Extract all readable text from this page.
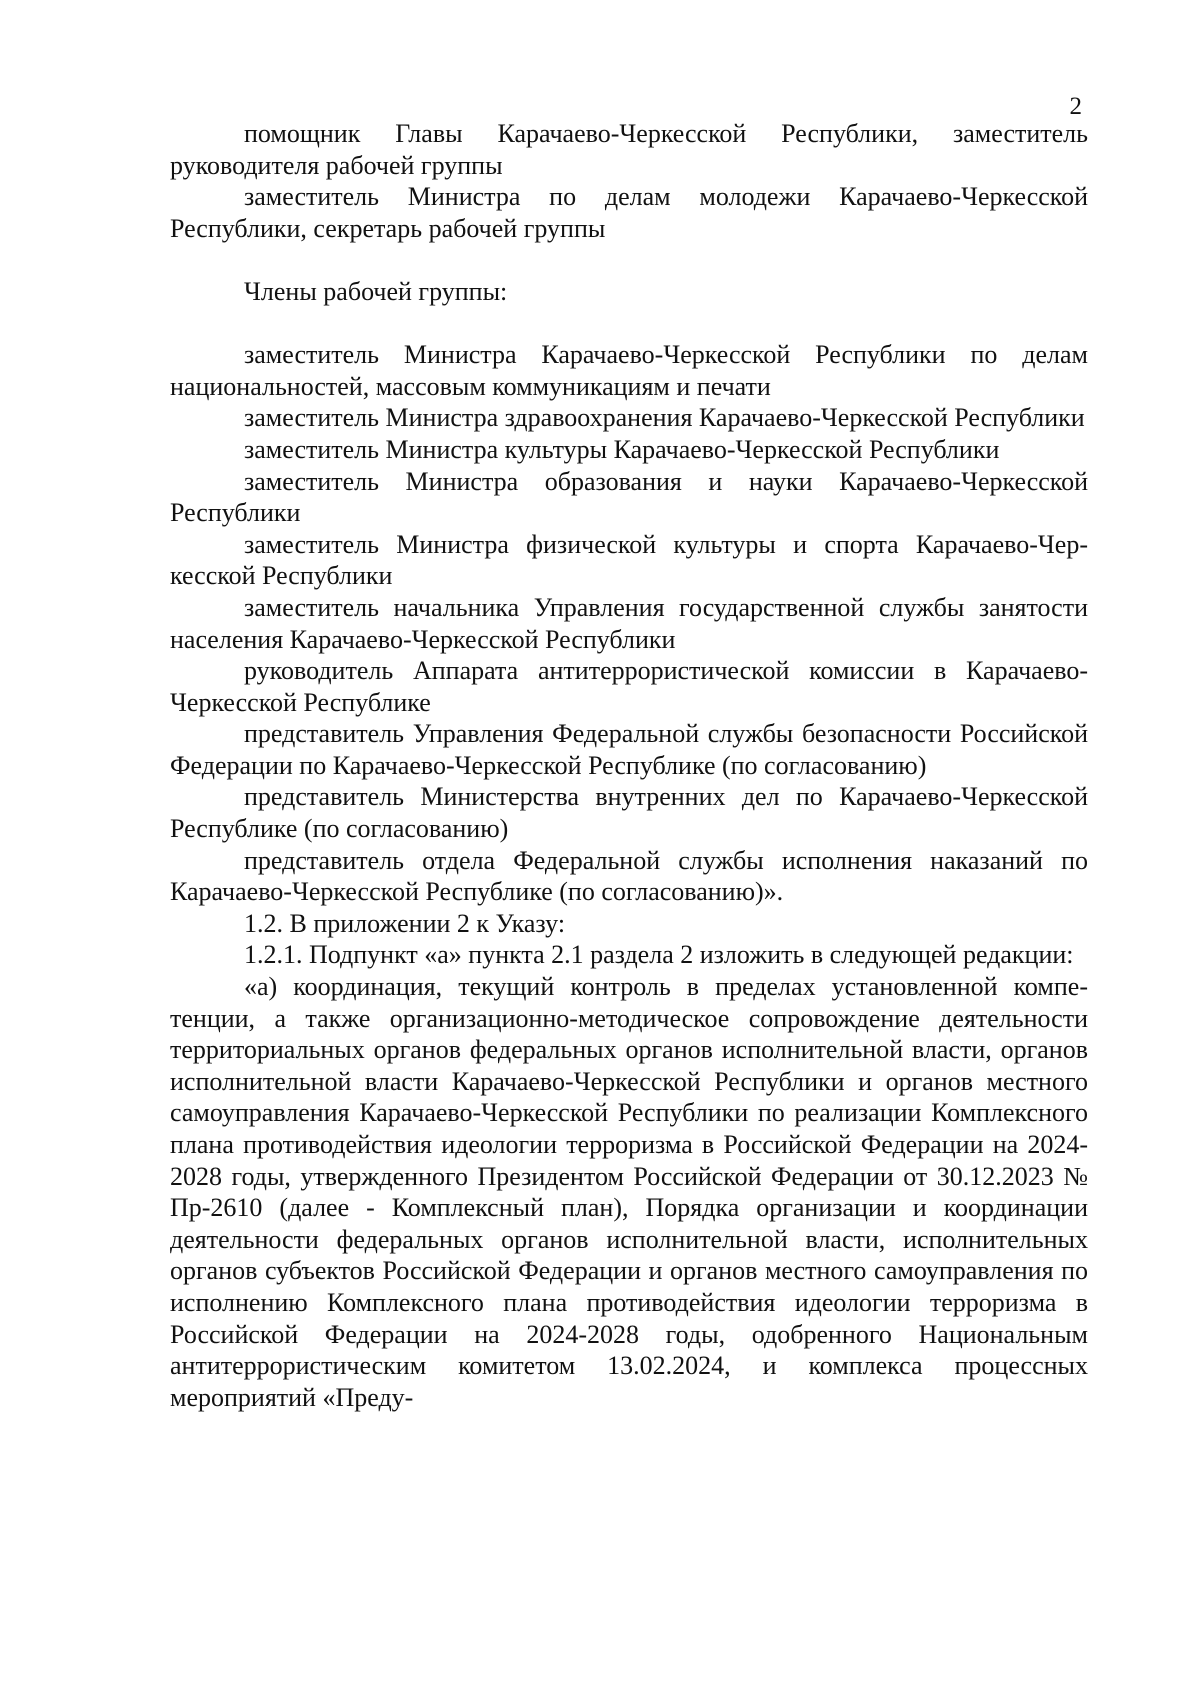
2

помощник Главы Карачаево-Черкесской Республики, заместитель руководителя рабочей группы

заместитель Министра по делам молодежи Карачаево-Черкесской Республики, секретарь рабочей группы

Члены рабочей группы:

заместитель Министра Карачаево-Черкесской Республики по делам национальностей, массовым коммуникациям и печати

заместитель Министра здравоохранения Карачаево-Черкесской Республики

заместитель Министра культуры Карачаево-Черкесской Республики

заместитель Министра образования и науки Карачаево-Черкесской Республики

заместитель Министра физической культуры и спорта Карачаево-Черкесской Республики

заместитель начальника Управления государственной службы занятости населения Карачаево-Черкесской Республики

руководитель Аппарата антитеррористической комиссии в Карачаево-Черкесской Республике

представитель Управления Федеральной службы безопасности Российской Федерации по Карачаево-Черкесской Республике (по согласованию)

представитель Министерства внутренних дел по Карачаево-Черкесской Республике (по согласованию)

представитель отдела Федеральной службы исполнения наказаний по Карачаево-Черкесской Республике (по согласованию)».

1.2. В приложении 2 к Указу:

1.2.1. Подпункт «а» пункта 2.1 раздела 2 изложить в следующей редакции:

«а) координация, текущий контроль в пределах установленной компетенции, а также организационно-методическое сопровождение деятельности территориальных органов федеральных органов исполнительной власти, органов исполнительной власти Карачаево-Черкесской Республики и органов местного самоуправления Карачаево-Черкесской Республики по реализации Комплексного плана противодействия идеологии терроризма в Российской Федерации на 2024-2028 годы, утвержденного Президентом Российской Федерации от 30.12.2023 № Пр-2610 (далее - Комплексный план), Порядка организации и координации деятельности федеральных органов исполнительной власти, исполнительных органов субъектов Российской Федерации и органов местного самоуправления по исполнению Комплексного плана противодействия идеологии терроризма в Российской Федерации на 2024-2028 годы, одобренного Национальным антитеррористическим комитетом 13.02.2024, и комплекса процессных мероприятий «Преду-
